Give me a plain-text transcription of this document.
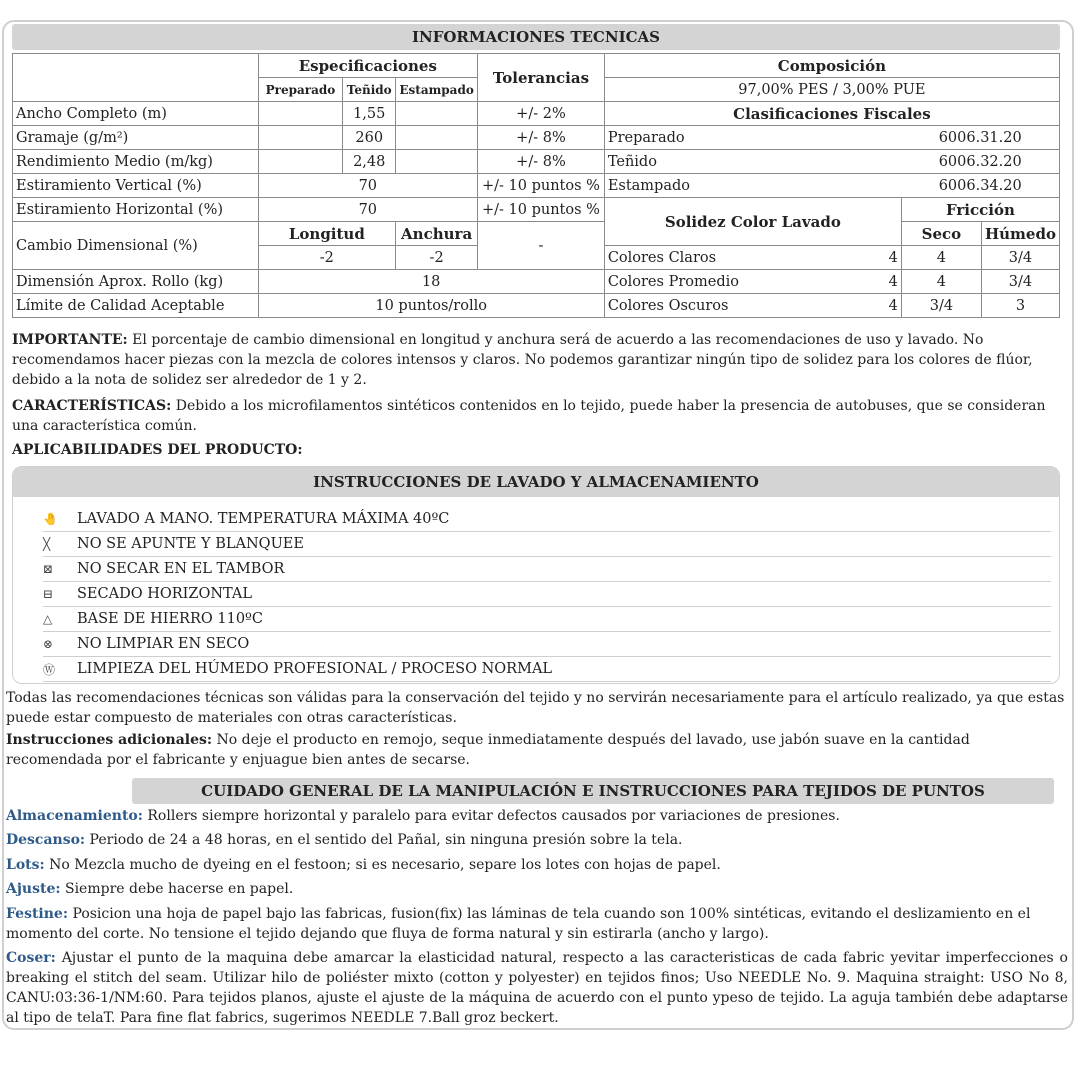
INFORMACIONES TECNICAS
	Especificaciones			Tolerancias	Composición			
	Preparado	Teñido	Estampado		97,00% PES / 3,00% PUE			
Ancho Completo (m)		1,55		+/- 2%	Clasificaciones Fiscales			
Gramaje (g/m²)		260		+/- 8%	Preparado		6006.31.20	
Rendimiento Medio (m/kg)		2,48		+/- 8%	Teñido		6006.32.20	
Estiramiento Vertical (%)	70			+/- 10 puntos %	Estampado		6006.34.20	
Estiramiento Horizontal (%)	70			+/- 10 puntos %	Solidez Color Lavado		Fricción	
Cambio Dimensional (%)	Longitud		Anchura	-			Seco	Húmedo
	-2		-2		Colores Claros	4	4	3/4
Dimensión Aprox. Rollo (kg)	18				Colores Promedio	4	4	3/4
Límite de Calidad Aceptable	10 puntos/rollo				Colores Oscuros	4	3/4	3
IMPORTANTE: El porcentaje de cambio dimensional en longitud y anchura será de acuerdo a las recomendaciones de uso y lavado. No recomendamos hacer piezas con la mezcla de colores intensos y claros. No podemos garantizar ningún tipo de solidez para los colores de flúor, debido a la nota de solidez ser alrededor de 1 y 2.
CARACTERÍSTICAS: Debido a los microfilamentos sintéticos contenidos en lo tejido, puede haber la presencia de autobuses, que se consideran una característica común.
APLICABILIDADES DEL PRODUCTO:
INSTRUCCIONES DE LAVADO Y ALMACENAMIENTO
🤚	LAVADO A MANO. TEMPERATURA MÁXIMA 40ºC
╳	NO SE APUNTE Y BLANQUEE
⊠	NO SECAR EN EL TAMBOR
⊟	SECADO HORIZONTAL
△	BASE DE HIERRO 110ºC
⊗	NO LIMPIAR EN SECO
Ⓦ	LIMPIEZA DEL HÚMEDO PROFESIONAL / PROCESO NORMAL
Todas las recomendaciones técnicas son válidas para la conservación del tejido y no servirán necesariamente para el artículo realizado, ya que estas puede estar compuesto de materiales con otras características.
Instrucciones adicionales: No deje el producto en remojo, seque inmediatamente después del lavado, use jabón suave en la cantidad recomendada por el fabricante y enjuague bien antes de secarse.
CUIDADO GENERAL DE LA MANIPULACIÓN E INSTRUCCIONES PARA TEJIDOS DE PUNTOS
Almacenamiento: Rollers siempre horizontal y paralelo para evitar defectos causados por variaciones de presiones.
Descanso: Periodo de 24 a 48 horas, en el sentido del Pañal, sin ninguna presión sobre la tela.
Lots: No Mezcla mucho de dyeing en el festoon; si es necesario, separe los lotes con hojas de papel.
Ajuste: Siempre debe hacerse en papel.
Festine: Posicion una hoja de papel bajo las fabricas, fusion(fix) las láminas de tela cuando son 100% sintéticas, evitando el deslizamiento en el momento del corte. No tensione el tejido dejando que fluya de forma natural y sin estirarla (ancho y largo).
Coser: Ajustar el punto de la maquina debe amarcar la elasticidad natural, respecto a las caracteristicas de cada fabric yevitar imperfecciones o breaking el stitch del seam. Utilizar hilo de poliéster mixto (cotton y polyester) en tejidos finos; Uso NEEDLE No. 9. Maquina straight: USO No 8, CANU:03:36-1/NM:60. Para tejidos planos, ajuste el ajuste de la máquina de acuerdo con el punto ypeso de tejido. La aguja también debe adaptarse al tipo de telaT. Para fine flat fabrics, sugerimos NEEDLE 7.Ball groz beckert.
